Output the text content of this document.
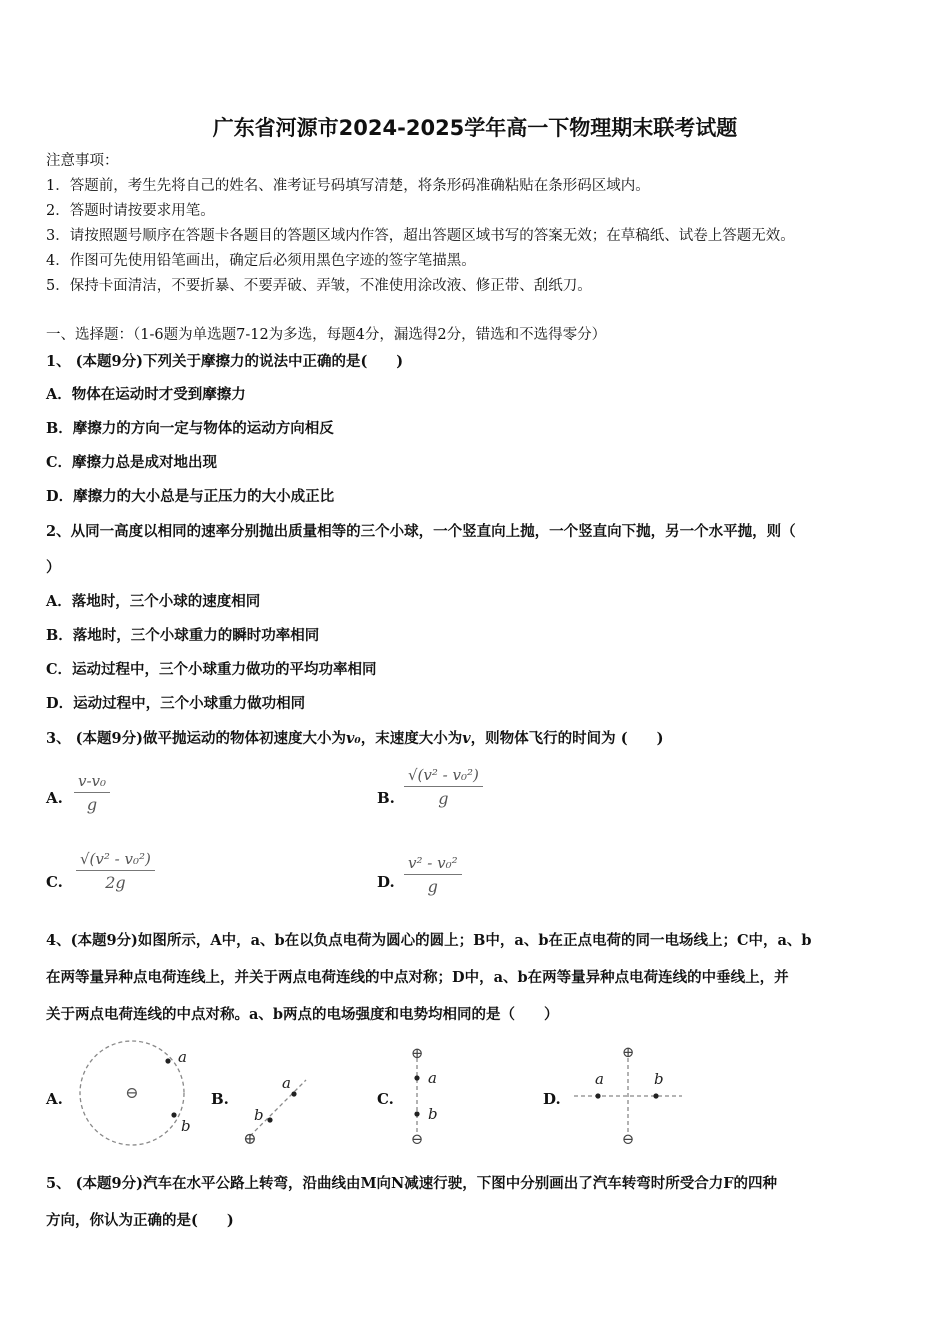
广东省河源市2024-2025学年高一下物理期末联考试题
注意事项：
1．答题前，考生先将自己的姓名、准考证号码填写清楚，将条形码准确粘贴在条形码区域内。
2．答题时请按要求用笔。
3．请按照题号顺序在答题卡各题目的答题区域内作答，超出答题区域书写的答案无效；在草稿纸、试卷上答题无效。
4．作图可先使用铅笔画出，确定后必须用黑色字迹的签字笔描黑。
5．保持卡面清洁，不要折暴、不要弄破、弄皱，不准使用涂改液、修正带、刮纸刀。
一、选择题：（1-6题为单选题7-12为多选，每题4分，漏选得2分，错选和不选得零分）
1、 (本题9分)下列关于摩擦力的说法中正确的是(　　)
A．物体在运动时才受到摩擦力
B．摩擦力的方向一定与物体的运动方向相反
C．摩擦力总是成对地出现
D．摩擦力的大小总是与正压力的大小成正比
2、从同一高度以相同的速率分别抛出质量相等的三个小球，一个竖直向上抛，一个竖直向下抛，另一个水平抛，则（
）
A．落地时，三个小球的速度相同
B．落地时，三个小球重力的瞬时功率相同
C．运动过程中，三个小球重力做功的平均功率相同
D．运动过程中，三个小球重力做功相同
3、 (本题9分)做平抛运动的物体初速度大小为v₀，末速度大小为v，则物体飞行的时间为 (　　)
A. $\frac{\text{v-v₀}}{g}$	B. $\frac{\text{√(v² - v₀²)}}{g}$
C. $\frac{\text{√(v² - v₀²)}}{2g}$	D. $\frac{\text{v² - v₀²}}{g}$
4、(本题9分)如图所示，A中，a、b在以负点电荷为圆心的圆上；B中，a、b在正点电荷的同一电场线上；C中，a、b
在两等量异种点电荷连线上，并关于两点电荷连线的中点对称；D中，a、b在两等量异种点电荷连线的中垂线上，并
关于两点电荷连线的中点对称。a、b两点的电场强度和电势均相同的是（　　）
A.	B.	C.	D.
⊖
a
b
⊕
a
b
⊕
a
b
⊖
⊕
⊖
a	b
5、 (本题9分)汽车在水平公路上转弯，沿曲线由M向N减速行驶，下图中分别画出了汽车转弯时所受合力F的四种
方向，你认为正确的是(　　)
